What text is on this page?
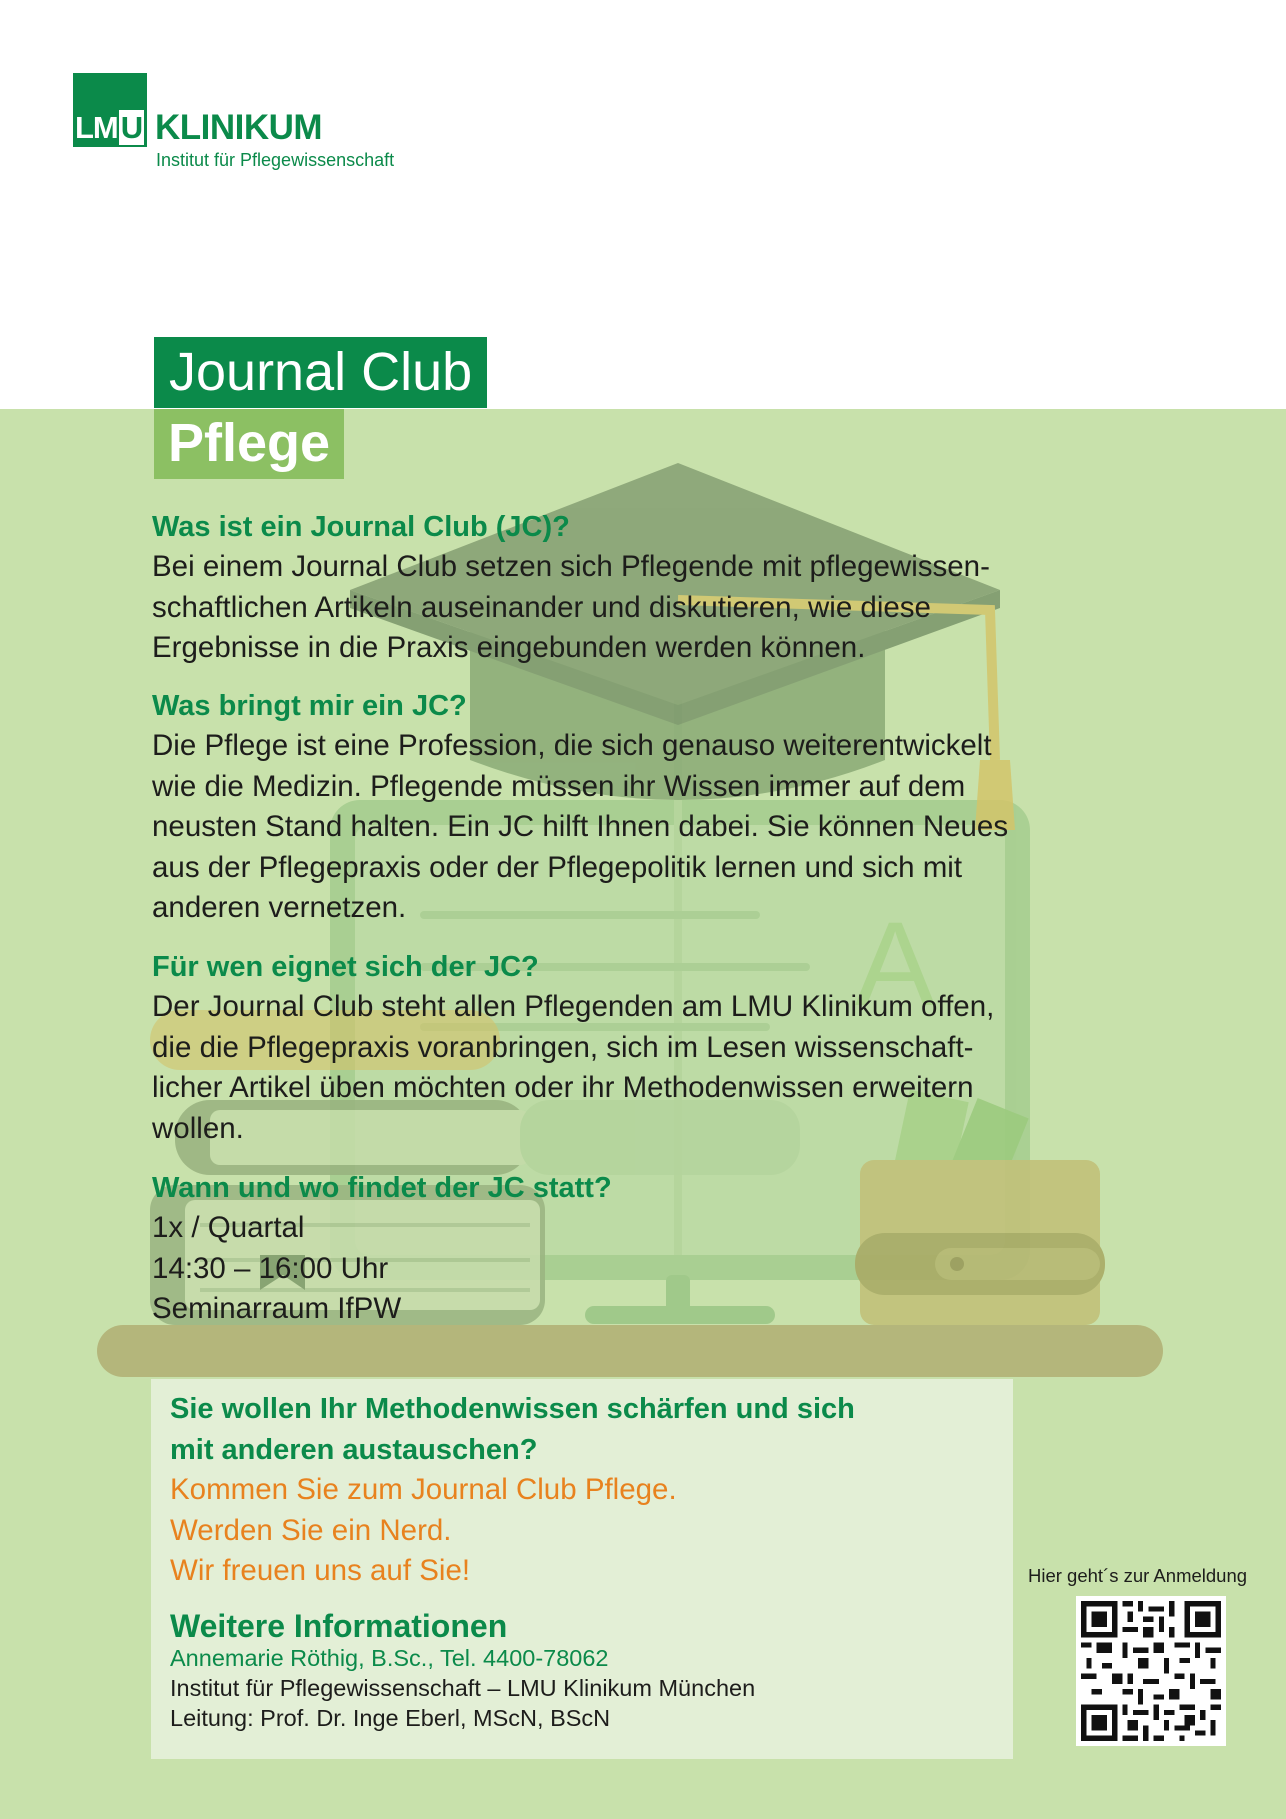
A
LMU KLINIKUM
Institut für Pflegewissenschaft
Journal Club
Pflege
Was ist ein Journal Club (JC)?
Bei einem Journal Club setzen sich Pflegende mit pflegewissen-
schaftlichen Artikeln auseinander und diskutieren, wie diese
Ergebnisse in die Praxis eingebunden werden können.
Was bringt mir ein JC?
Die Pflege ist eine Profession, die sich genauso weiterentwickelt
wie die Medizin. Pflegende müssen ihr Wissen immer auf dem
neusten Stand halten. Ein JC hilft Ihnen dabei. Sie können Neues
aus der Pflegepraxis oder der Pflegepolitik lernen und sich mit
anderen vernetzen.
Für wen eignet sich der JC?
Der Journal Club steht allen Pflegenden am LMU Klinikum offen,
die die Pflegepraxis voranbringen, sich im Lesen wissenschaft-
licher Artikel üben möchten oder ihr Methodenwissen erweitern
wollen.
Wann und wo findet der JC statt?
1x / Quartal
14:30 – 16:00 Uhr
Seminarraum IfPW
Sie wollen Ihr Methodenwissen schärfen und sich
mit anderen austauschen?
Kommen Sie zum Journal Club Pflege.
Werden Sie ein Nerd.
Wir freuen uns auf Sie!
Weitere Informationen
Annemarie Röthig, B.Sc., Tel. 4400-78062
Institut für Pflegewissenschaft – LMU Klinikum München
Leitung: Prof. Dr. Inge Eberl, MScN, BScN
Hier geht´s zur Anmeldung
